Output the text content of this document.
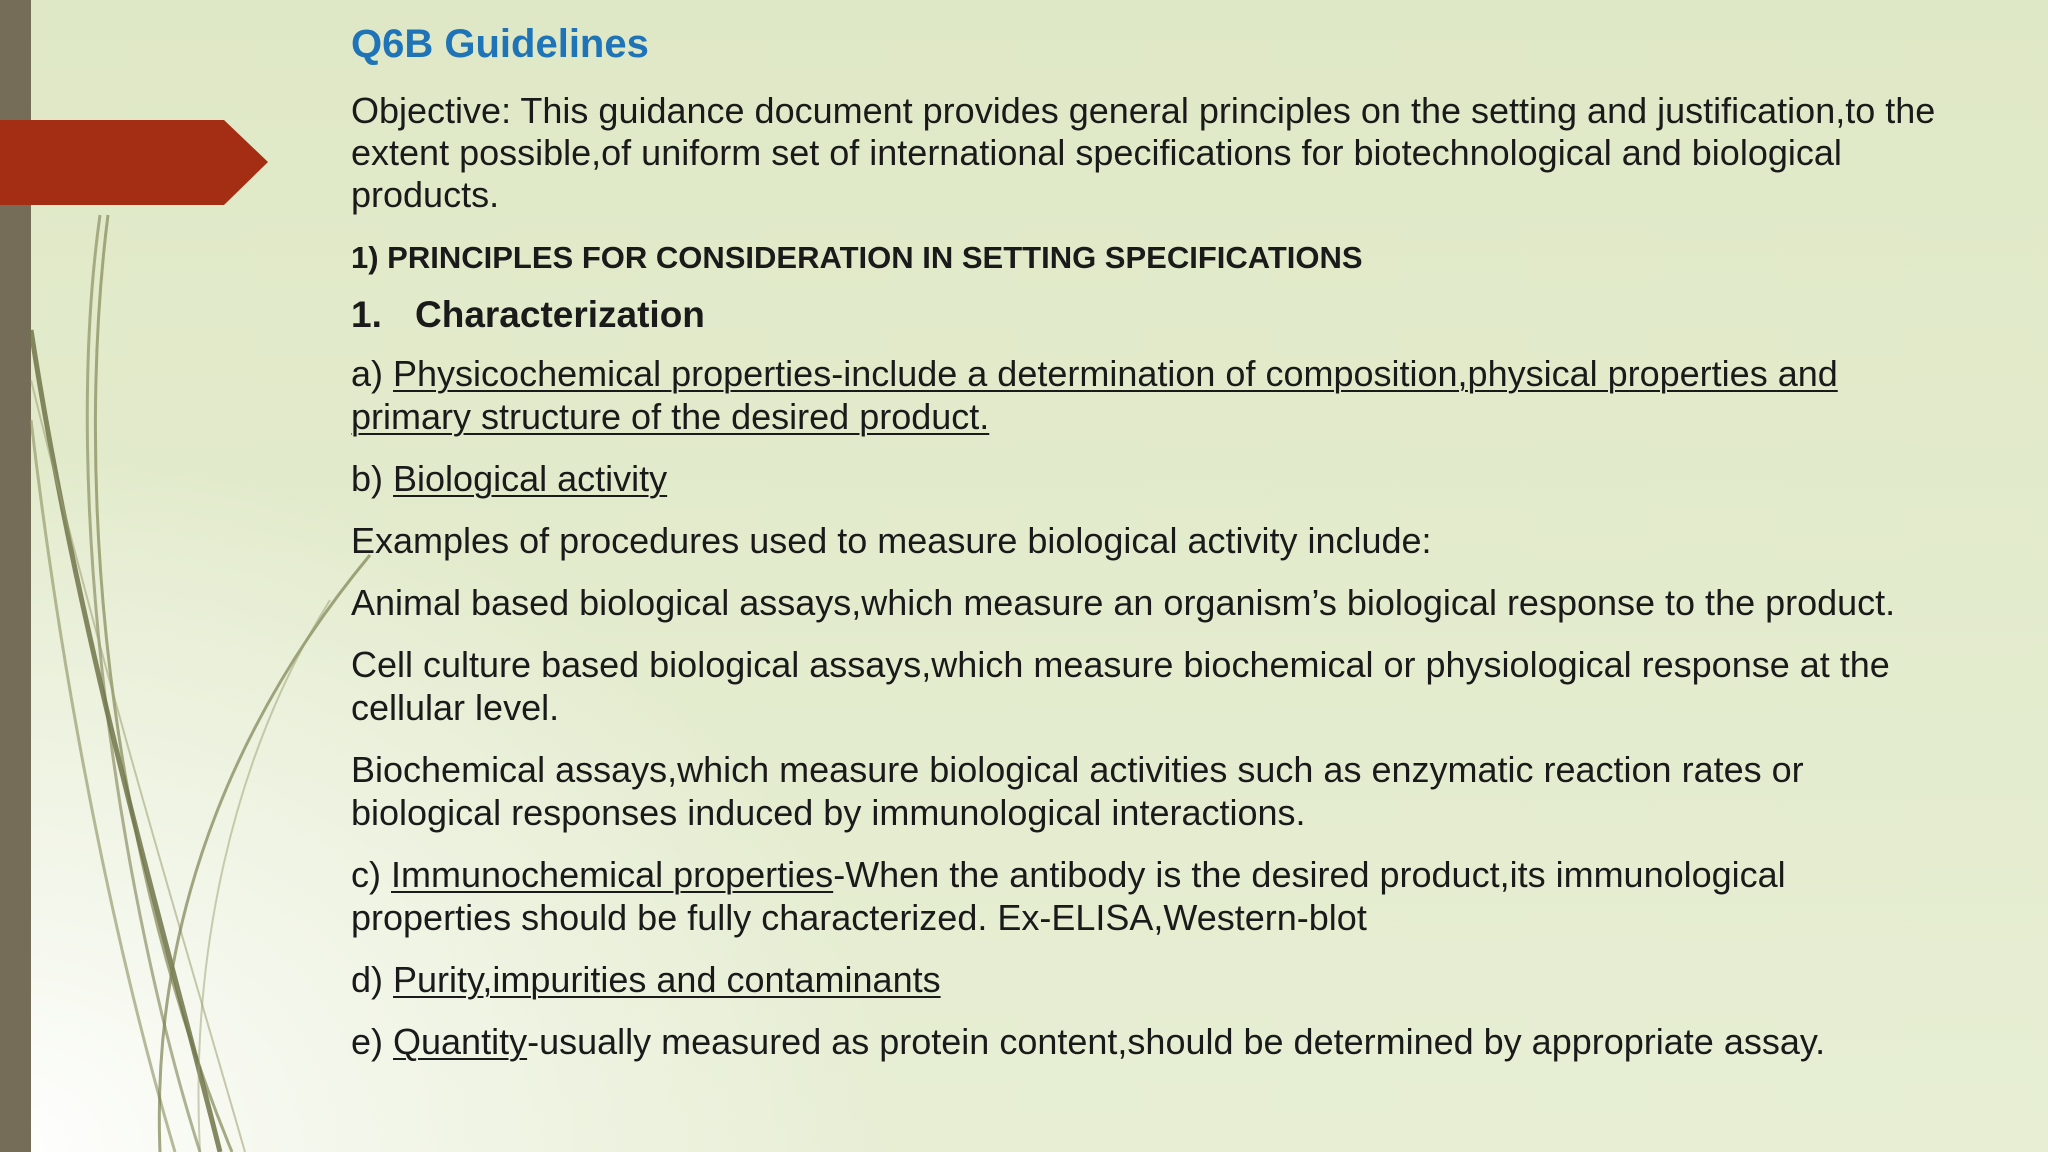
Q6B Guidelines
Objective: This guidance document provides general principles on the setting and justification,to the extent possible,of uniform set of international specifications for biotechnological and biological products.
1) PRINCIPLES FOR CONSIDERATION IN SETTING SPECIFICATIONS
1. Characterization
a) Physicochemical properties-include a determination of composition,physical properties and primary structure of the desired product.
b) Biological activity
Examples of procedures used to measure biological activity include:
Animal based biological assays,which measure an organism’s biological response to the product.
Cell culture based biological assays,which measure biochemical or physiological response at the cellular level.
Biochemical assays,which measure biological activities such as enzymatic reaction rates or biological responses induced by immunological interactions.
c) Immunochemical properties-When the antibody is the desired product,its immunological properties should be fully characterized. Ex-ELISA,Western-blot
d) Purity,impurities and contaminants
e) Quantity-usually measured as protein content,should be determined by appropriate assay.
